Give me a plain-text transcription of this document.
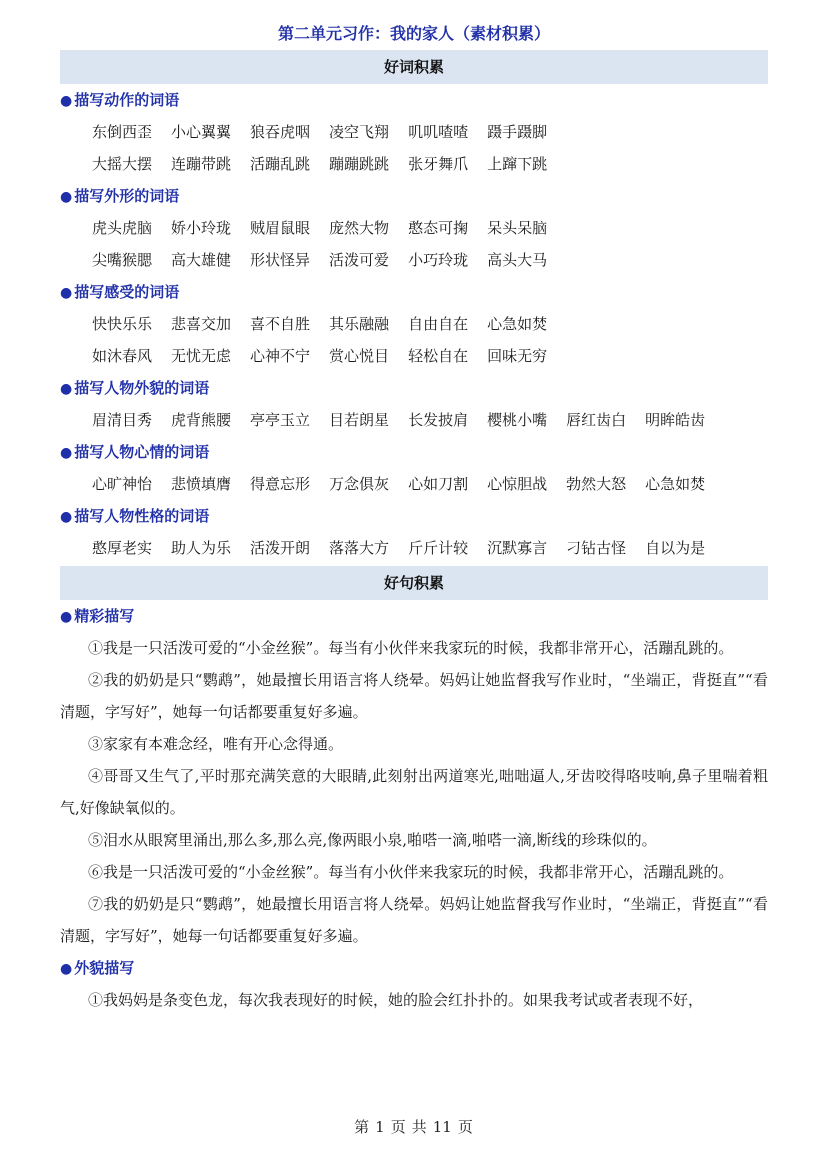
第二单元习作：我的家人（素材积累）
好词积累
● 描写动作的词语
东倒西歪 小心翼翼 狼吞虎咽 凌空飞翔 叽叽喳喳 蹑手蹑脚
大摇大摆 连蹦带跳 活蹦乱跳 蹦蹦跳跳 张牙舞爪 上蹿下跳
● 描写外形的词语
虎头虎脑 娇小玲珑 贼眉鼠眼 庞然大物 憨态可掬 呆头呆脑
尖嘴猴腮 高大雄健 形状怪异 活泼可爱 小巧玲珑 高头大马
● 描写感受的词语
快快乐乐 悲喜交加 喜不自胜 其乐融融 自由自在 心急如焚
如沐春风 无忧无虑 心神不宁 赏心悦目 轻松自在 回味无穷
● 描写人物外貌的词语
眉清目秀 虎背熊腰 亭亭玉立 目若朗星 长发披肩 樱桃小嘴 唇红齿白 明眸皓齿
● 描写人物心情的词语
心旷神怡 悲愤填膺 得意忘形 万念俱灰 心如刀割 心惊胆战 勃然大怒 心急如焚
● 描写人物性格的词语
憨厚老实 助人为乐 活泼开朗 落落大方 斤斤计较 沉默寡言 刁钻古怪 自以为是
好句积累
● 精彩描写
①我是一只活泼可爱的“小金丝猴”。每当有小伙伴来我家玩的时候，我都非常开心，活蹦乱跳的。
②我的奶奶是只“鹦鹉”，她最擅长用语言将人绕晕。妈妈让她监督我写作业时，“坐端正，背挺直”“看清题，字写好”，她每一句话都要重复好多遍。
③家家有本难念经，唯有开心念得通。
④哥哥又生气了,平时那充满笑意的大眼睛,此刻射出两道寒光,咄咄逼人,牙齿咬得咯吱响,鼻子里喘着粗气,好像缺氧似的。
⑤泪水从眼窝里涌出,那么多,那么亮,像两眼小泉,啪嗒一滴,啪嗒一滴,断线的珍珠似的。
⑥我是一只活泼可爱的“小金丝猴”。每当有小伙伴来我家玩的时候，我都非常开心，活蹦乱跳的。
⑦我的奶奶是只“鹦鹉”，她最擅长用语言将人绕晕。妈妈让她监督我写作业时，“坐端正，背挺直”“看清题，字写好”，她每一句话都要重复好多遍。
● 外貌描写
①我妈妈是条变色龙，每次我表现好的时候，她的脸会红扑扑的。如果我考试或者表现不好，
第 1 页 共 11 页
